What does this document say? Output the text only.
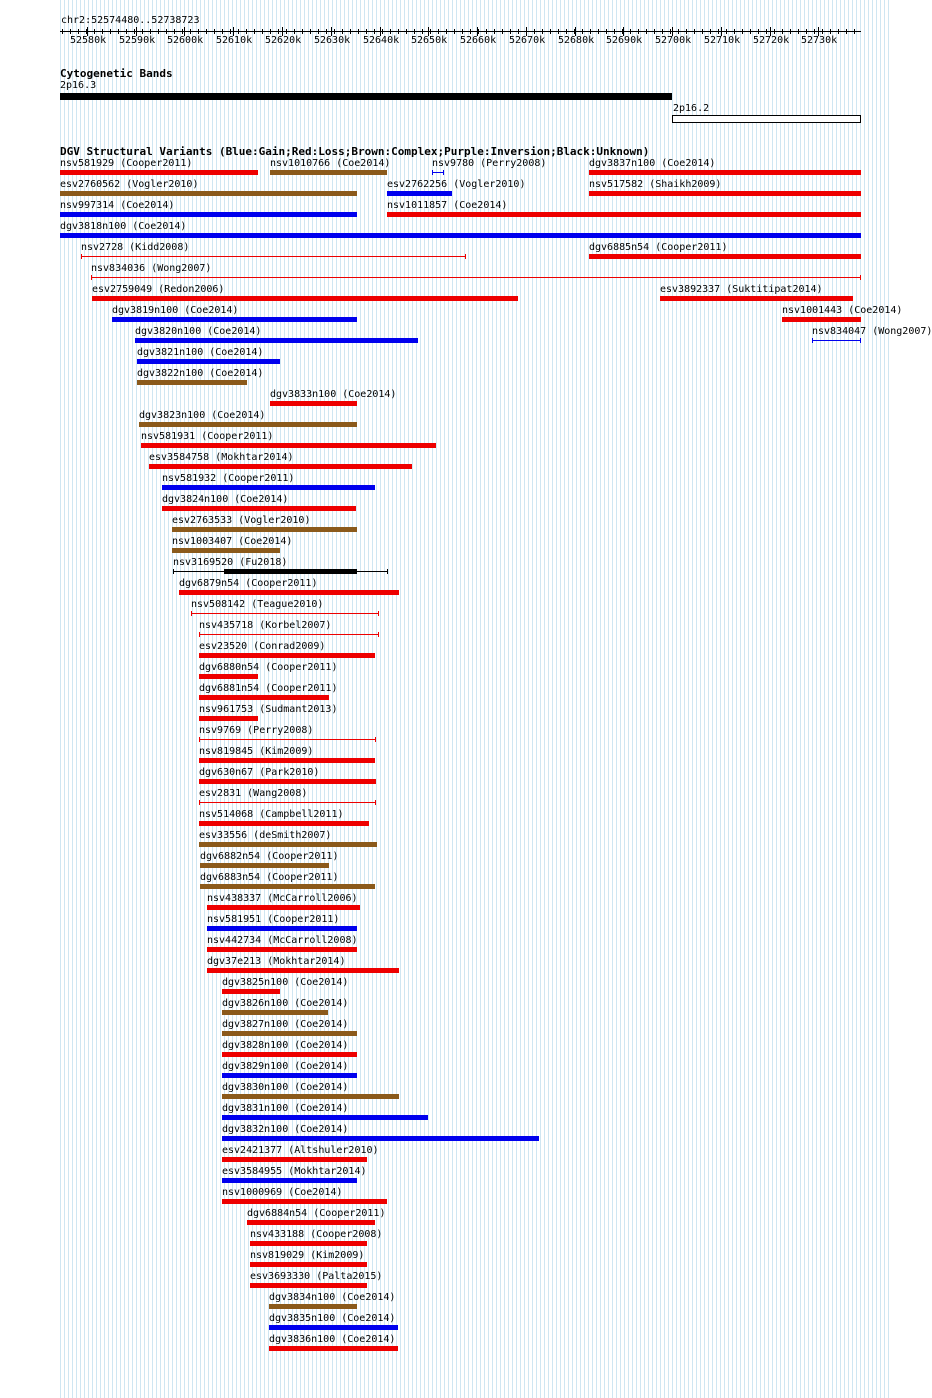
chr2:52574480..52738723
52580k 52590k 52600k 52610k 52620k 52630k 52640k 52650k 52660k 52670k 52680k 52690k 52700k 52710k 52720k 52730k
Cytogenetic Bands
2p16.3
2p16.2
DGV Structural Variants (Blue:Gain;Red:Loss;Brown:Complex;Purple:Inversion;Black:Unknown)
nsv581929 (Cooper2011)	nsv1010766 (Coe2014)	nsv9780 (Perry2008)	dgv3837n100 (Coe2014)
esv2760562 (Vogler2010)	esv2762256 (Vogler2010)	nsv517582 (Shaikh2009)
nsv997314 (Coe2014)	nsv1011857 (Coe2014)
dgv3818n100 (Coe2014)
nsv2728 (Kidd2008)	dgv6885n54 (Cooper2011)
nsv834036 (Wong2007)
esv2759049 (Redon2006)	esv3892337 (Suktitipat2014)
dgv3819n100 (Coe2014)	nsv1001443 (Coe2014)
dgv3820n100 (Coe2014)	nsv834047 (Wong2007)
dgv3821n100 (Coe2014)
dgv3822n100 (Coe2014)
dgv3833n100 (Coe2014)
dgv3823n100 (Coe2014)
nsv581931 (Cooper2011)
esv3584758 (Mokhtar2014)
nsv581932 (Cooper2011)
dgv3824n100 (Coe2014)
esv2763533 (Vogler2010)
nsv1003407 (Coe2014)
nsv3169520 (Fu2018)
dgv6879n54 (Cooper2011)
nsv508142 (Teague2010)
nsv435718 (Korbel2007)
esv23520 (Conrad2009)
dgv6880n54 (Cooper2011)
dgv6881n54 (Cooper2011)
nsv961753 (Sudmant2013)
nsv9769 (Perry2008)
nsv819845 (Kim2009)
dgv630n67 (Park2010)
esv2831 (Wang2008)
nsv514068 (Campbell2011)
esv33556 (deSmith2007)
dgv6882n54 (Cooper2011)
dgv6883n54 (Cooper2011)
nsv438337 (McCarroll2006)
nsv581951 (Cooper2011)
nsv442734 (McCarroll2008)
dgv37e213 (Mokhtar2014)
dgv3825n100 (Coe2014)
dgv3826n100 (Coe2014)
dgv3827n100 (Coe2014)
dgv3828n100 (Coe2014)
dgv3829n100 (Coe2014)
dgv3830n100 (Coe2014)
dgv3831n100 (Coe2014)
dgv3832n100 (Coe2014)
esv2421377 (Altshuler2010)
esv3584955 (Mokhtar2014)
nsv1000969 (Coe2014)
dgv6884n54 (Cooper2011)
nsv433188 (Cooper2008)
nsv819029 (Kim2009)
esv3693330 (Palta2015)
dgv3834n100 (Coe2014)
dgv3835n100 (Coe2014)
dgv3836n100 (Coe2014)
